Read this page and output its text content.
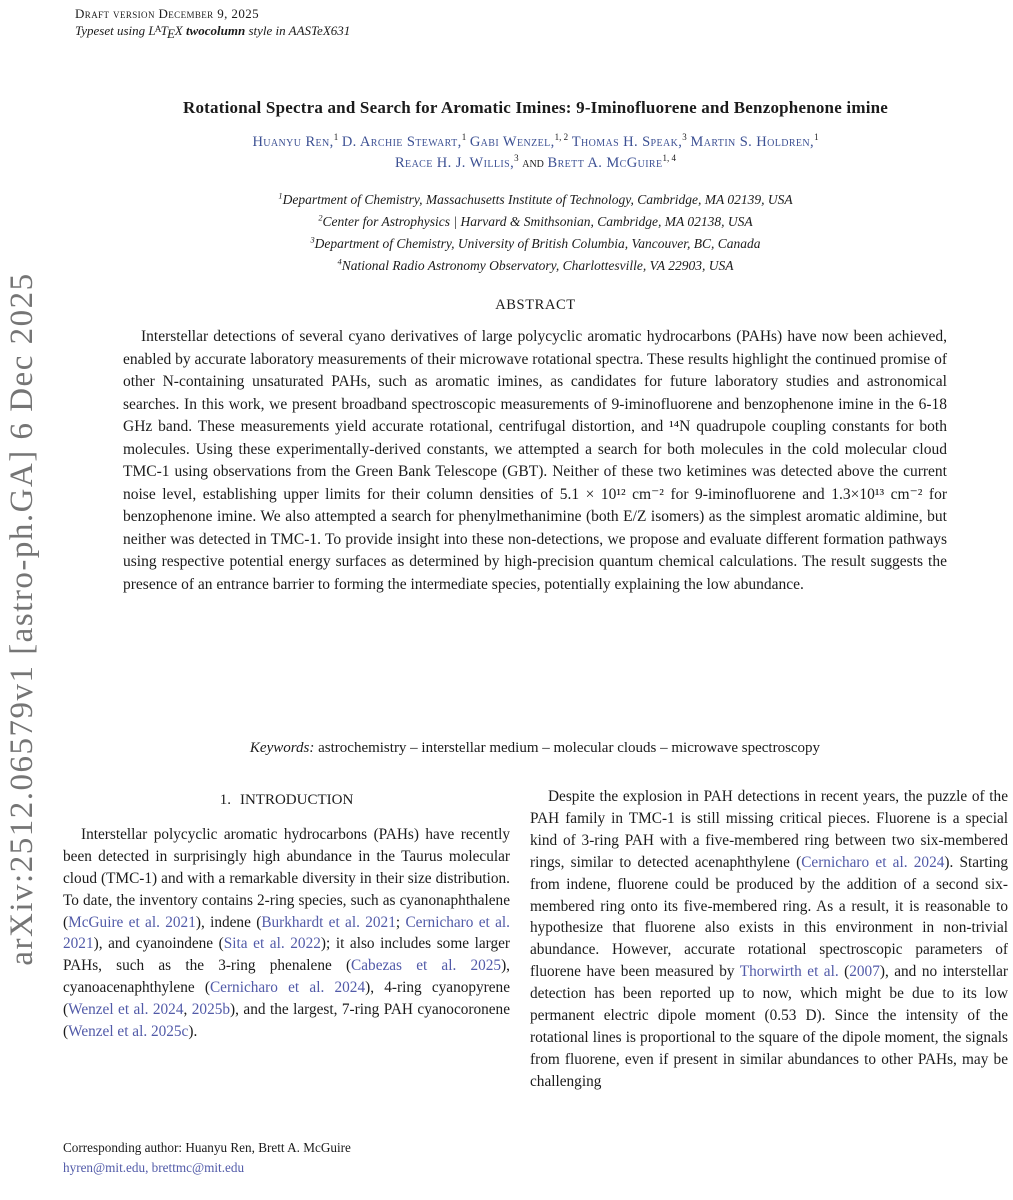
arXiv:2512.06579v1 [astro-ph.GA] 6 Dec 2025
Draft version December 9, 2025
Typeset using $L^ATEX$ twocolumn style in AASTeX631
Rotational Spectra and Search for Aromatic Imines: 9-Iminofluorene and Benzophenone imine
Huanyu Ren,$^1$ D. Archie Stewart,$^1$ Gabi Wenzel,$^{1, 2}$ Thomas H. Speak,$^3$ Martin S. Holdren,$^1$
Reace H. J. Willis,$^3$ and Brett A. McGuire$^{1, 4}$
$^1$Department of Chemistry, Massachusetts Institute of Technology, Cambridge, MA 02139, USA
$^2$Center for Astrophysics | Harvard & Smithsonian, Cambridge, MA 02138, USA
$^3$Department of Chemistry, University of British Columbia, Vancouver, BC, Canada
$^4$National Radio Astronomy Observatory, Charlottesville, VA 22903, USA
ABSTRACT
Interstellar detections of several cyano derivatives of large polycyclic aromatic hydrocarbons (PAHs) have now been achieved, enabled by accurate laboratory measurements of their microwave rotational spectra. These results highlight the continued promise of other N-containing unsaturated PAHs, such as aromatic imines, as candidates for future laboratory studies and astronomical searches. In this work, we present broadband spectroscopic measurements of 9-iminofluorene and benzophenone imine in the 6-18 GHz band. These measurements yield accurate rotational, centrifugal distortion, and ¹⁴N quadrupole coupling constants for both molecules. Using these experimentally-derived constants, we attempted a search for both molecules in the cold molecular cloud TMC-1 using observations from the Green Bank Telescope (GBT). Neither of these two ketimines was detected above the current noise level, establishing upper limits for their column densities of 5.1 × 10¹² cm⁻² for 9-iminofluorene and 1.3×10¹³ cm⁻² for benzophenone imine. We also attempted a search for phenylmethanimine (both E/Z isomers) as the simplest aromatic aldimine, but neither was detected in TMC-1. To provide insight into these non-detections, we propose and evaluate different formation pathways using respective potential energy surfaces as determined by high-precision quantum chemical calculations. The result suggests the presence of an entrance barrier to forming the intermediate species, potentially explaining the low abundance.
Keywords: astrochemistry – interstellar medium – molecular clouds – microwave spectroscopy
1. INTRODUCTION

Interstellar polycyclic aromatic hydrocarbons (PAHs) have recently been detected in surprisingly high abundance in the Taurus molecular cloud (TMC-1) and with a remarkable diversity in their size distribution. To date, the inventory contains 2-ring species, such as cyanonaphthalene (McGuire et al. 2021), indene (Burkhardt et al. 2021; Cernicharo et al. 2021), and cyanoindene (Sita et al. 2022); it also includes some larger PAHs, such as the 3-ring phenalene (Cabezas et al. 2025), cyanoacenaphthylene (Cernicharo et al. 2024), 4-ring cyanopyrene (Wenzel et al. 2024, 2025b), and the largest, 7-ring PAH cyanocoronene (Wenzel et al. 2025c).

Corresponding author: Huanyu Ren, Brett A. McGuire
hyren@mit.edu, brettmc@mit.edu

Despite the explosion in PAH detections in recent years, the puzzle of the PAH family in TMC-1 is still missing critical pieces. Fluorene is a special kind of 3-ring PAH with a five-membered ring between two six-membered rings, similar to detected acenaphthylene (Cernicharo et al. 2024). Starting from indene, fluorene could be produced by the addition of a second six-membered ring onto its five-membered ring. As a result, it is reasonable to hypothesize that fluorene also exists in this environment in non-trivial abundance. However, accurate rotational spectroscopic parameters of fluorene have been measured by Thorwirth et al. (2007), and no interstellar detection has been reported up to now, which might be due to its low permanent electric dipole moment (0.53 D). Since the intensity of the rotational lines is proportional to the square of the dipole moment, the signals from fluorene, even if present in similar abundances to other PAHs, may be challenging
